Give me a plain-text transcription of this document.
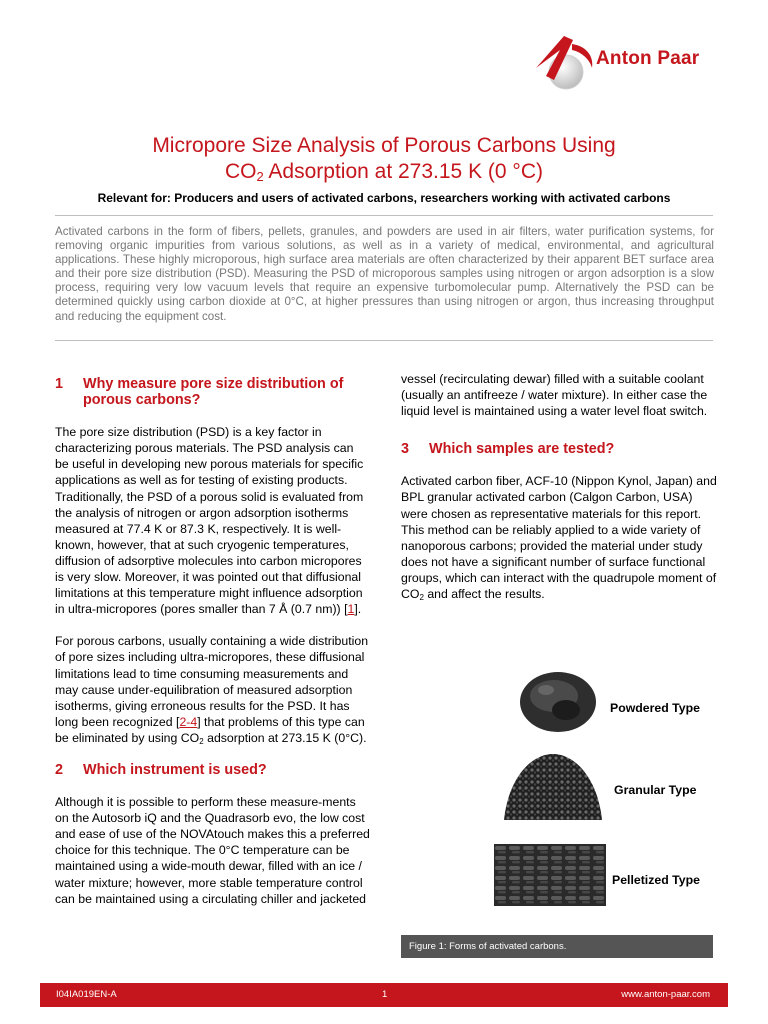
Anton Paar
Micropore Size Analysis of Porous Carbons Using
$CO_2$ Adsorption at 273.15 K (0 °C)
Relevant for: Producers and users of activated carbons, researchers working with activated carbons
Activated carbons in the form of fibers, pellets, granules, and powders are used in air filters, water purification systems, for removing organic impurities from various solutions, as well as in a variety of medical, environmental, and agricultural applications. These highly microporous, high surface area materials are often characterized by their apparent BET surface area and their pore size distribution (PSD). Measuring the PSD of microporous samples using nitrogen or argon adsorption is a slow process, requiring very low vacuum levels that require an expensive turbomolecular pump. Alternatively the PSD can be determined quickly using carbon dioxide at 0°C, at higher pressures than using nitrogen or argon, thus increasing throughput and reducing the equipment cost.
1	Why measure pore size distribution of porous carbons?

The pore size distribution (PSD) is a key factor in characterizing porous materials. The PSD analysis can be useful in developing new porous materials for specific applications as well as for testing of existing products. Traditionally, the PSD of a porous solid is evaluated from the analysis of nitrogen or argon adsorption isotherms measured at 77.4 K or 87.3 K, respectively. It is well-known, however, that at such cryogenic temperatures, diffusion of adsorptive molecules into carbon micropores is very slow. Moreover, it was pointed out that diffusional limitations at this temperature might influence adsorption in ultra-micropores (pores smaller than 7 Å (0.7 nm)) [1].

For porous carbons, usually containing a wide distribution of pore sizes including ultra-micropores, these diffusional limitations lead to time consuming measurements and may cause under-equilibration of measured adsorption isotherms, giving erroneous results for the PSD. It has long been recognized [2-4] that problems of this type can be eliminated by using $CO_2$ adsorption at 273.15 K (0°C).

2	Which instrument is used?

Although it is possible to perform these measure-ments on the Autosorb iQ and the Quadrasorb evo, the low cost and ease of use of the NOVAtouch makes this a preferred choice for this technique. The 0°C temperature can be maintained using a wide-mouth dewar, filled with an ice / water mixture; however, more stable temperature control can be maintained using a circulating chiller and jacketed

vessel (recirculating dewar) filled with a suitable coolant (usually an antifreeze / water mixture). In either case the liquid level is maintained using a water level float switch.

3	Which samples are tested?

Activated carbon fiber, ACF-10 (Nippon Kynol, Japan) and BPL granular activated carbon (Calgon Carbon, USA) were chosen as representative materials for this report. This method can be reliably applied to a wide variety of nanoporous carbons; provided the material under study does not have a significant number of surface functional groups, which can interact with the quadrupole moment of $CO_2$ and affect the results.

Powdered Type
Granular Type
Pelletized Type
Figure 1: Forms of activated carbons.
I04IA019EN-A	1	www.anton-paar.com
